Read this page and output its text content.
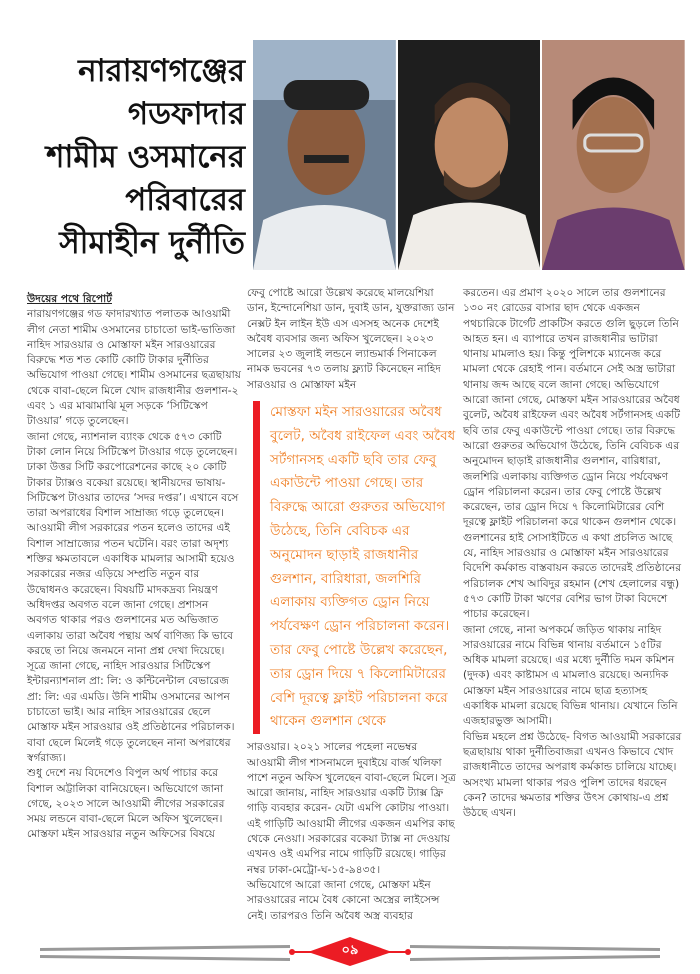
নারায়ণগঞ্জের
গডফাদার
শামীম ওসমানের
পরিবারের
সীমাহীন দুর্নীতি

উদয়ের পথে রিপোর্ট

নারায়ণগঞ্জের গড ফাদারখ্যাত পলাতক আওয়ামী লীগ নেতা শামীম ওসমানের চাচাতো ভাই-ভাতিজা নাহিদ সারওয়ার ও মোস্তাফা মইন সারওয়ারের বিরুদ্ধে শত শত কোটি কোটি টাকার দুর্নীতির অভিযোগ পাওয়া গেছে। শামীম ওসমানের ছত্রছায়ায় থেকে বাবা-ছেলে মিলে খোদ রাজধানীর গুলশান-২ এবং ১ এর মাঝামাঝি মূল সড়কে ‘সিটিস্কেপ টাওয়ার’ গড়ে তুলেছেন।

জানা গেছে, ন্যাশনাল ব্যাংক থেকে ৫৭৩ কোটি টাকা লোন নিয়ে সিটিস্কেপ টাওয়ার গড়ে তুলেছেন। ঢাকা উত্তর সিটি করপোরেশনের কাছে ২০ কোটি টাকার ট্যাক্সও বকেয়া রয়েছে। স্থানীয়দের ভাষায়- সিটিস্কেপ টাওয়ার তাদের ‘সদর দপ্তর’। এখানে বসে তারা অপরাধের বিশাল সাম্রাজ্য গড়ে তুলেছেন। আওয়ামী লীগ সরকারের পতন হলেও তাদের এই বিশাল সাম্রাজ্যের পতন ঘটেনি। বরং তারা অদৃশ্য শক্তির ক্ষমতাবলে একাধিক মামলার আসামী হয়েও সরকারের নজর এড়িয়ে সম্প্রতি নতুন বার উদ্বোধনও করেছেন। বিষয়টি মাদকদ্রব্য নিয়ন্ত্রণ অধিদপ্তর অবগত বলে জানা গেছে। প্রশাসন অবগত থাকার পরও গুলশানের মত অভিজাত এলাকায় তারা অবৈধ পন্থায় অর্থ বাণিজ্য কি ভাবে করছে তা নিয়ে জনমনে নানা প্রশ্ন দেখা দিয়েছে।

সূত্রে জানা গেছে, নাহিদ সারওয়ার সিটিস্কেপ ইন্টারন্যাশনাল প্রা: লি: ও কন্টিনেন্টাল বেভারেজ প্রা: লি: এর এমডি। উনি শামীম ওসমানের আপন চাচাতো ভাই। আর নাহিদ সারওয়ারের ছেলে মোস্তাফ মইন সারওয়ার ওই প্রতিষ্ঠানের পরিচালক। বাবা ছেলে মিলেই গড়ে তুলেছেন নানা অপরাধের স্বর্গরাজ্য।

শুধু দেশে নয় বিদেশেও বিপুল অর্থ পাচার করে বিশাল অট্টালিকা বানিয়েছেন। অভিযোগে জানা গেছে, ২০২৩ সালে আওয়ামী লীগের সরকারের সময় লন্ডনে বাবা-ছেলে মিলে অফিস খুলেছেন। মোস্তফা মইন সারওয়ার নতুন অফিসের বিষয়ে

ফেবু পোষ্টে আরো উল্লেখ করেছে মালয়েশিয়া ডান, ইন্দোনেশিয়া ডান, দুবাই ডান, যুক্তরাজ্য ডান নেক্সট ইন লাইন ইউ এস এসসহ অনেক দেশেই অবৈধ ব্যবসার জন্য অফিস খুলেছেন। ২০২৩ সালের ২৩ জুলাই লন্ডনে ল্যান্ডমার্ক পিনাকেল নামক ভবনের ৭৩ তলায় ফ্ল্যাট কিনেছেন নাহিদ সারওয়ার ও মোস্তাফা মইন

মোস্তফা মইন সারওয়ারের অবৈধ বুলেট, অবৈধ রাইফেল এবং অবৈধ সর্টগানসহ একটি ছবি তার ফেবু একাউন্টে পাওয়া গেছে। তার বিরুদ্ধে আরো গুরুতর অভিযোগ উঠেছে, তিনি বেবিচক এর অনুমোদন ছাড়াই রাজধানীর গুলশান, বারিধারা, জলশিরি এলাকায় ব্যক্তিগত ড্রোন নিয়ে পর্যবেক্ষণ ড্রোন পরিচালনা করেন। তার ফেবু পোষ্টে উল্লেখ করেছেন, তার ড্রোন দিয়ে ৭ কিলোমিটারের বেশি দূরত্বে ফ্লাইট পরিচালনা করে থাকেন গুলশান থেকে

সারওয়ার। ২০২১ সালের পহেলা নভেম্বর আওয়ামী লীগ শাসনামলে দুবাইয়ে বার্জ খলিফা পাশে নতুন অফিস খুলেছেন বাবা-ছেলে মিলে। সূত্র আরো জানায়, নাহিদ সারওয়ার একটি ট্যাক্স ফ্রি গাড়ি ব্যবহার করেন- যেটা এমপি কোটায় পাওয়া। এই গাড়িটি আওয়ামী লীগের একজন এমপির কাছ থেকে নেওয়া। সরকারের বকেয়া ট্যাক্স না দেওয়ায় এখনও ওই এমপির নামে গাড়িটি রয়েছে। গাড়ির নম্বর ঢাকা-মেট্রো-ঘ-১৫-৯৪৩৫।

অভিযোগে আরো জানা গেছে, মোস্তফা মইন সারওয়ারের নামে বৈধ কোনো অস্ত্রের লাইসেন্স নেই। তারপরও তিনি অবৈধ অস্ত্র ব্যবহার

করতেন। এর প্রমাণ ২০২০ সালে তার গুলশানের ১৩০ নং রোডের বাসার ছাদ থেকে একজন পথচারিকে টার্গেট প্রাকটিস করতে গুলি ছুড়লে তিনি আহত হন। এ ব্যাপারে তখন রাজধানীর ভাটারা থানায় মামলাও হয়। কিন্তু পুলিশকে ম্যানেজ করে মামলা থেকে রেহাই পান। বর্তমানে সেই অস্ত্র ভাটারা থানায় জব্দ আছে বলে জানা গেছে। অভিযোগে আরো জানা গেছে, মোস্তফা মইন সারওয়ারের অবৈধ বুলেট, অবৈধ রাইফেল এবং অবৈধ সর্টগানসহ একটি ছবি তার ফেবু একাউন্টে পাওয়া গেছে। তার বিরুদ্ধে আরো গুরুতর অভিযোগ উঠেছে, তিনি বেবিচক এর অনুমোদন ছাড়াই রাজধানীর গুলশান, বারিধারা, জলশিরি এলাকায় ব্যক্তিগত ড্রোন নিয়ে পর্যবেক্ষণ ড্রোন পরিচালনা করেন। তার ফেবু পোষ্টে উল্লেখ করেছেন, তার ড্রোন দিয়ে ৭ কিলোমিটারের বেশি দূরত্বে ফ্লাইট পরিচালনা করে থাকেন গুলশান থেকে।

গুলশানের হাই সোসাইটিতে এ কথা প্রচলিত আছে যে, নাহিদ সারওয়ার ও মোস্তাফা মইন সারওয়ারের বিদেশি কর্মকান্ড বাস্তবায়ন করতে তাদেরই প্রতিষ্ঠানের পরিচালক শেখ আবিদুর রহমান (শেখ হেলালের বন্ধু) ৫৭৩ কোটি টাকা ঋণের বেশির ভাগ টাকা বিদেশে পাচার করেছেন।

জানা গেছে, নানা অপকর্মে জড়িত থাকায় নাহিদ সারওয়ারের নামে বিভিন্ন থানায় বর্তমানে ১৫টির অধিক মামলা রয়েছে। এর মধ্যে দুর্নীতি দমন কমিশন (দুদক) এবং কাষ্টামস এ মামলাও রয়েছে। অন্যদিক মোস্তফা মইন সারওয়ারের নামে ছাত্র হত্যাসহ একাধিক মামলা রয়েছে বিভিন্ন থানায়। যেখানে তিনি এজহারভুক্ত আসামী।

বিভিন্ন মহলে প্রশ্ন উঠেছে- বিগত আওয়ামী সরকারের ছত্রছায়ায় থাকা দুর্নীতিবাজরা এখনও কিভাবে খোদ রাজধানীতে তাদের অপরাধ কর্মকান্ড চালিয়ে যাচ্ছে। অসংখ্য মামলা থাকার পরও পুলিশ তাদের ধরছেন কেন? তাদের ক্ষমতার শক্তির উৎস কোথায়-এ প্রশ্ন উঠছে এখন।

০৯
